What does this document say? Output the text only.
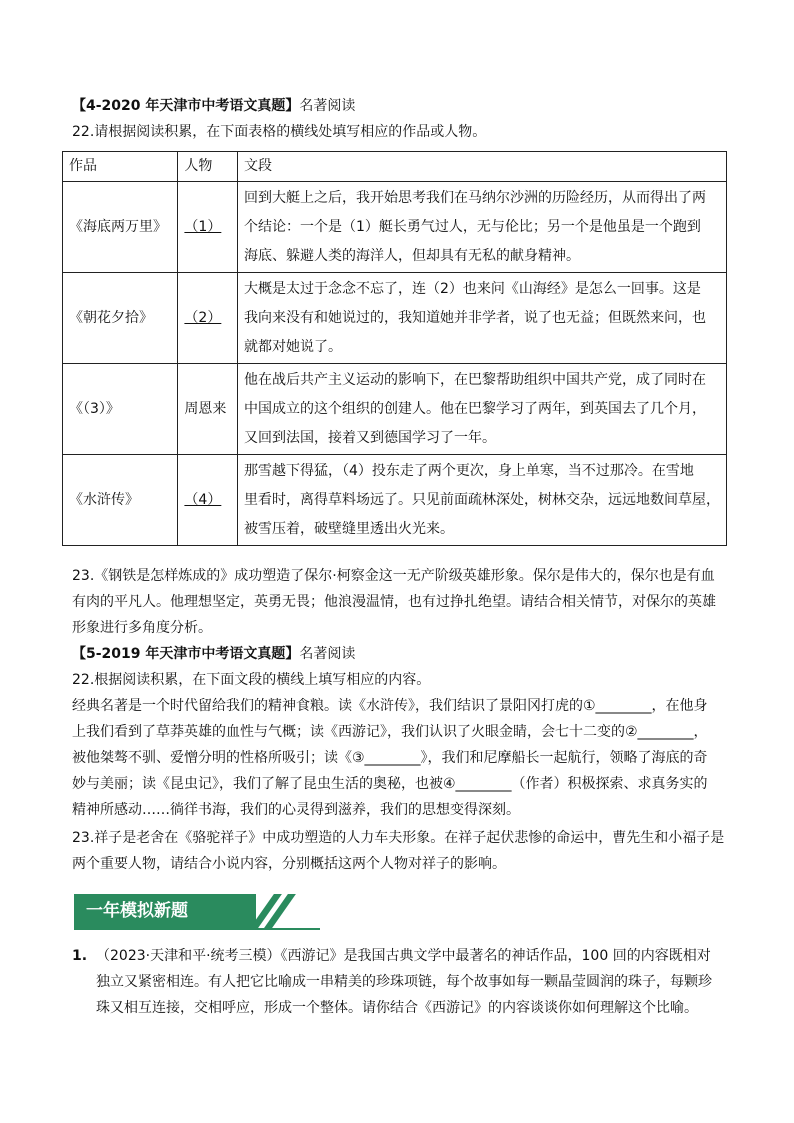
【4-2020 年天津市中考语文真题】名著阅读
22.请根据阅读积累，在下面表格的横线处填写相应的作品或人物。
作品	人物	文段
《海底两万里》	（1）	回到大艇上之后，我开始思考我们在马纳尔沙洲的历险经历，从而得出了两
个结论：一个是（1）艇长勇气过人，无与伦比；另一个是他虽是一个跑到
海底、躲避人类的海洋人，但却具有无私的献身精神。

《朝花夕拾》	（2）	大概是太过于念念不忘了，连（2）也来问《山海经》是怎么一回事。这是
我向来没有和她说过的，我知道她并非学者，说了也无益；但既然来问，也
就都对她说了。

《（3）》	周恩来	他在战后共产主义运动的影响下，在巴黎帮助组织中国共产党，成了同时在
中国成立的这个组织的创建人。他在巴黎学习了两年，到英国去了几个月，
又回到法国，接着又到德国学习了一年。

《水浒传》	（4）	那雪越下得猛，（4）投东走了两个更次，身上单寒，当不过那冷。在雪地
里看时，离得草料场远了。只见前面疏林深处，树林交杂，远远地数间草屋，
被雪压着，破壁缝里透出火光来。
23.《钢铁是怎样炼成的》成功塑造了保尔·柯察金这一无产阶级英雄形象。保尔是伟大的，保尔也是有血
有肉的平凡人。他理想坚定，英勇无畏；他浪漫温情，也有过挣扎绝望。请结合相关情节，对保尔的英雄
形象进行多角度分析。
【5-2019 年天津市中考语文真题】名著阅读
22.根据阅读积累，在下面文段的横线上填写相应的内容。
经典名著是一个时代留给我们的精神食粮。读《水浒传》，我们结识了景阳冈打虎的①________，在他身
上我们看到了草莽英雄的血性与气概；读《西游记》，我们认识了火眼金睛，会七十二变的②________，
被他桀骜不驯、爱憎分明的性格所吸引；读《③________》，我们和尼摩船长一起航行，领略了海底的奇
妙与美丽；读《昆虫记》，我们了解了昆虫生活的奥秘，也被④________（作者）积极探索、求真务实的
精神所感动……徜徉书海，我们的心灵得到滋养，我们的思想变得深刻。
23.祥子是老舍在《骆驼祥子》中成功塑造的人力车夫形象。在祥子起伏悲惨的命运中，曹先生和小福子是
两个重要人物，请结合小说内容，分别概括这两个人物对祥子的影响。
一年模拟新题
1. （2023·天津和平·统考三模）《西游记》是我国古典文学中最著名的神话作品，100 回的内容既相对
独立又紧密相连。有人把它比喻成一串精美的珍珠项链，每个故事如每一颗晶莹圆润的珠子，每颗珍
珠又相互连接，交相呼应，形成一个整体。请你结合《西游记》的内容谈谈你如何理解这个比喻。
